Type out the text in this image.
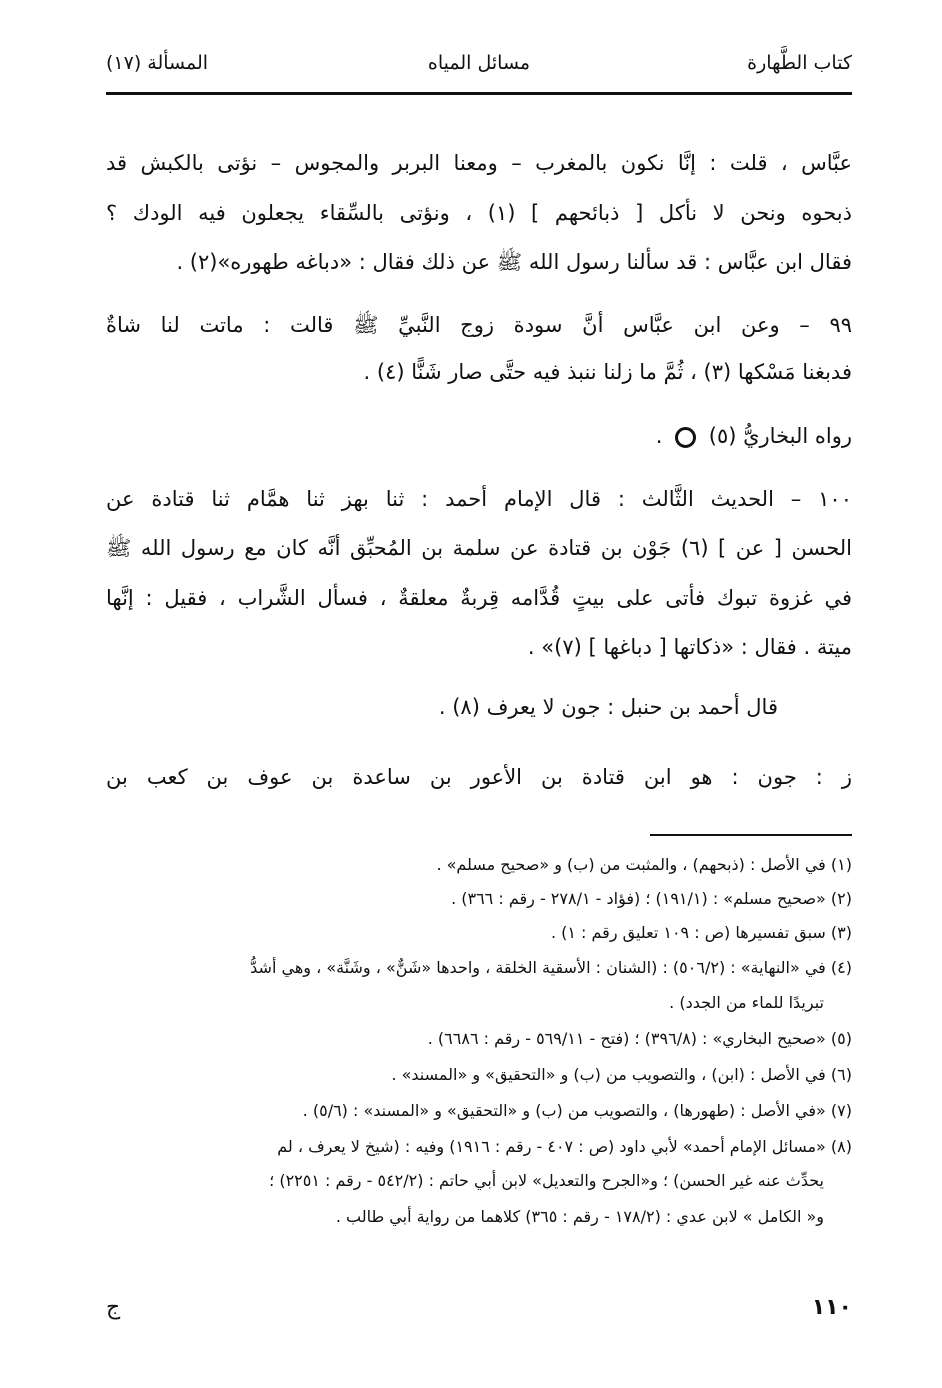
كتاب الطَّهارة
مسائل المياه
المسألة (١٧)
عبَّاس ، قلت : إنَّا نكون بالمغرب – ومعنا البربر والمجوس – نؤتى بالكبش قد
ذبحوه ونحن لا نأكل [ ذبائحهم ] (١) ، ونؤتى بالسِّقاء يجعلون فيه الودك ؟
فقال ابن عبَّاس : قد سألنا رسول الله ﷺ عن ذلك فقال : «دباغه طهوره»(٢) .
٩٩ – وعن ابن عبَّاس أنَّ سودة زوج النَّبيِّ ﷺ قالت : ماتت لنا شاةٌ
فدبغنا مَسْكها (٣) ، ثُمَّ ما زلنا ننبذ فيه حتَّى صار شَنًّا (٤) .
رواه البخاريُّ (٥)  .
١٠٠ – الحديث الثَّالث : قال الإمام أحمد : ثنا بهز ثنا همَّام ثنا قتادة عن
الحسن [ عن ] (٦) جَوْن بن قتادة عن سلمة بن المُحبِّق أنَّه كان مع رسول الله ﷺ
في غزوة تبوك فأتى على بيتٍ قُدَّامه قِربةٌ معلقةٌ ، فسأل الشَّراب ، فقيل : إنَّها
ميتة . فقال : «ذكاتها [ دباغها ] (٧)» .
قال أحمد بن حنبل : جون لا يعرف (٨) .
ز : جون : هو ابن قتادة بن الأعور بن ساعدة بن عوف بن كعب بن
(١) في الأصل : (ذبحهم) ، والمثبت من (ب) و «صحيح مسلم» .
(٢) «صحيح مسلم» : (١٩١/١) ؛ (فؤاد - ٢٧٨/١ - رقم : ٣٦٦) .
(٣) سبق تفسيرها (ص : ١٠٩ تعليق رقم : ١) .
(٤) في «النهاية» : (٥٠٦/٢) : (الشنان : الأسقية الخلقة ، واحدها «شَنٌّ» ، وشَنَّة» ، وهي أشدُّ
تبريدًا للماء من الجدد) .
(٥) «صحيح البخاري» : (٣٩٦/٨) ؛ (فتح - ٥٦٩/١١ - رقم : ٦٦٨٦) .
(٦) في الأصل : (ابن) ، والتصويب من (ب) و «التحقيق» و «المسند» .
(٧) «في الأصل : (طهورها) ، والتصويب من (ب) و «التحقيق» و «المسند» : (٥/٦) .
(٨) «مسائل الإمام أحمد» لأبي داود (ص : ٤٠٧ - رقم : ١٩١٦) وفيه : (شيخ لا يعرف ، لم
يحدِّث عنه غير الحسن) ؛ و«الجرح والتعديل» لابن أبي حاتم : (٥٤٢/٢ - رقم : ٢٢٥١) ؛
و« الكامل » لابن عدي : (١٧٨/٢ - رقم : ٣٦٥) كلاهما من رواية أبي طالب .
١١٠
ج
